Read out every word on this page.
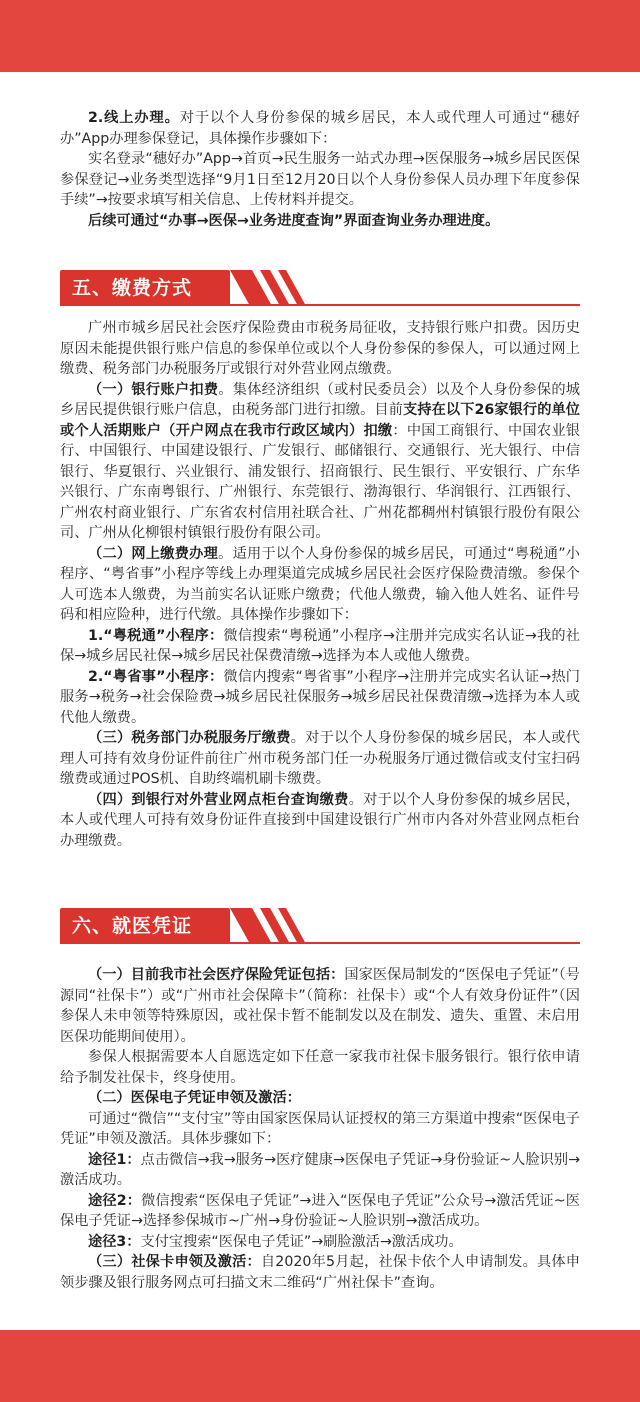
2.线上办理。对于以个人身份参保的城乡居民，本人或代理人可通过“穗好办”App办理参保登记，具体操作步骤如下：

实名登录“穗好办”App→首页→民生服务一站式办理→医保服务→城乡居民医保参保登记→业务类型选择“9月1日至12月20日以个人身份参保人员办理下年度参保手续”→按要求填写相关信息、上传材料并提交。

后续可通过“办事→医保→业务进度查询”界面查询业务办理进度。

五、缴费方式

广州市城乡居民社会医疗保险费由市税务局征收，支持银行账户扣费。因历史原因未能提供银行账户信息的参保单位或以个人身份参保的参保人，可以通过网上缴费、税务部门办税服务厅或银行对外营业网点缴费。

（一）银行账户扣费。集体经济组织（或村民委员会）以及个人身份参保的城乡居民提供银行账户信息，由税务部门进行扣缴。目前支持在以下26家银行的单位或个人活期账户（开户网点在我市行政区域内）扣缴：中国工商银行、中国农业银行、中国银行、中国建设银行、广发银行、邮储银行、交通银行、光大银行、中信银行、华夏银行、兴业银行、浦发银行、招商银行、民生银行、平安银行、广东华兴银行、广东南粤银行、广州银行、东莞银行、渤海银行、华润银行、江西银行、广州农村商业银行、广东省农村信用社联合社、广州花都稠州村镇银行股份有限公司、广州从化柳银村镇银行股份有限公司。

（二）网上缴费办理。适用于以个人身份参保的城乡居民，可通过“粤税通”小程序、“粤省事”小程序等线上办理渠道完成城乡居民社会医疗保险费清缴。参保个人可选本人缴费，为当前实名认证账户缴费；代他人缴费，输入他人姓名、证件号码和相应险种，进行代缴。具体操作步骤如下：

1.“粤税通”小程序：微信搜索“粤税通”小程序→注册并完成实名认证→我的社保→城乡居民社保→城乡居民社保费清缴→选择为本人或他人缴费。

2.“粤省事”小程序：微信内搜索“粤省事”小程序→注册并完成实名认证→热门服务→税务→社会保险费→城乡居民社保服务→城乡居民社保费清缴→选择为本人或代他人缴费。

（三）税务部门办税服务厅缴费。对于以个人身份参保的城乡居民，本人或代理人可持有效身份证件前往广州市税务部门任一办税服务厅通过微信或支付宝扫码缴费或通过POS机、自助终端机刷卡缴费。

（四）到银行对外营业网点柜台查询缴费。对于以个人身份参保的城乡居民，本人或代理人可持有效身份证件直接到中国建设银行广州市内各对外营业网点柜台办理缴费。

六、就医凭证

（一）目前我市社会医疗保险凭证包括：国家医保局制发的“医保电子凭证”（号源同“社保卡”）或“广州市社会保障卡”（简称：社保卡）或“个人有效身份证件”（因参保人未申领等特殊原因，或社保卡暂不能制发以及在制发、遗失、重置、未启用医保功能期间使用）。

参保人根据需要本人自愿选定如下任意一家我市社保卡服务银行。银行依申请给予制发社保卡，终身使用。

（二）医保电子凭证申领及激活：

可通过“微信”“支付宝”等由国家医保局认证授权的第三方渠道中搜索“医保电子凭证”申领及激活。具体步骤如下：

途径1：点击微信→我→服务→医疗健康→医保电子凭证→身份验证~人脸识别→激活成功。

途径2：微信搜索“医保电子凭证”→进入“医保电子凭证”公众号→激活凭证~医保电子凭证→选择参保城市~广州→身份验证~人脸识别→激活成功。

途径3：支付宝搜索“医保电子凭证”→刷脸激活→激活成功。

（三）社保卡申领及激活：自2020年5月起，社保卡依个人申请制发。具体申领步骤及银行服务网点可扫描文末二维码“广州社保卡”查询。
